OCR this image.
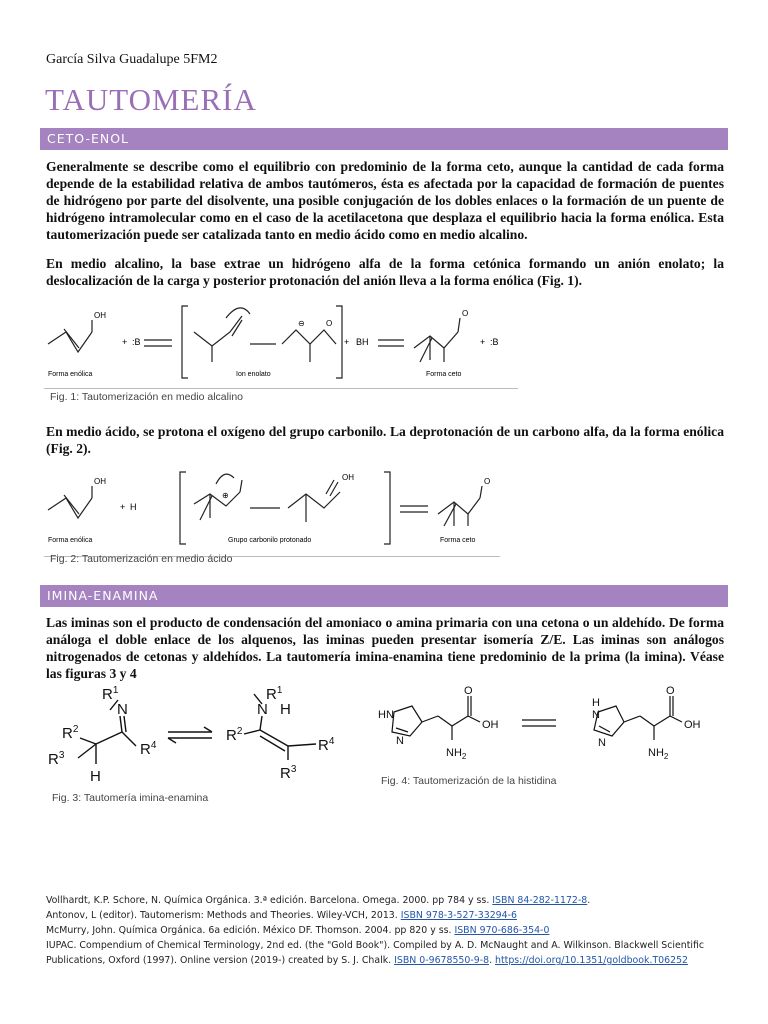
García Silva Guadalupe 5FM2
TAUTOMERÍA
CETO-ENOL
Generalmente se describe como el equilibrio con predominio de la forma ceto, aunque la cantidad de cada forma depende de la estabilidad relativa de ambos tautómeros, ésta es afectada por la capacidad de formación de puentes de hidrógeno por parte del disolvente, una posible conjugación de los dobles enlaces o la formación de un puente de hidrógeno intramolecular como en el caso de la acetilacetona que desplaza el equilibrio hacia la forma enólica. Esta tautomerización puede ser catalizada tanto en medio ácido como en medio alcalino.
En medio alcalino, la base extrae un hidrógeno alfa de la forma cetónica formando un anión enolato; la deslocalización de la carga y posterior protonación del anión lleva a la forma enólica (Fig. 1).
OH
+ :B
⊖	O
+ BH
O
+ :B
Forma enólica	Ion enolato	Forma ceto
Fig. 1: Tautomerización en medio alcalino
En medio ácido, se protona el oxígeno del grupo carbonilo. La deprotonación de un carbono alfa, da la forma enólica (Fig. 2).
OH
+ H
⊕
OH	O
Forma enólica	Grupo carbonilo protonado	Forma ceto
Fig. 2: Tautomerización en medio ácido
IMINA-ENAMINA
Las iminas son el producto de condensación del amoniaco o amina primaria con una cetona o un aldehído. De forma análoga el doble enlace de los alquenos, las iminas pueden presentar isomería Z/E. Las iminas son análogos nitrogenados de cetonas y aldehídos. La tautomería imina-enamina tiene predominio de la prima (la imina). Véase las figuras 3 y 4
$R^1$
N
$R^2$
$R^4$
$R^3$
H
$R^1$
N H
$R^2$
$R^4$
$R^3$
Fig. 3: Tautomería imina-enamina
H N
N
O
OH
$NH_2$
H
N
N
O
OH
$NH_2$
Fig. 4: Tautomerización de la histidina
Vollhardt, K.P. Schore, N. Química Orgánica. 3.ª edición. Barcelona. Omega. 2000. pp 784 y ss. ISBN 84-282-1172-8.
Antonov, L (editor). Tautomerism: Methods and Theories. Wiley-VCH, 2013. ISBN 978-3-527-33294-6
McMurry, John. Química Orgánica. 6a edición. México DF. Thomson. 2004. pp 820 y ss. ISBN 970-686-354-0
IUPAC. Compendium of Chemical Terminology, 2nd ed. (the "Gold Book"). Compiled by A. D. McNaught and A. Wilkinson. Blackwell Scientific Publications, Oxford (1997). Online version (2019-) created by S. J. Chalk. ISBN 0-9678550-9-8. https://doi.org/10.1351/goldbook.T06252
